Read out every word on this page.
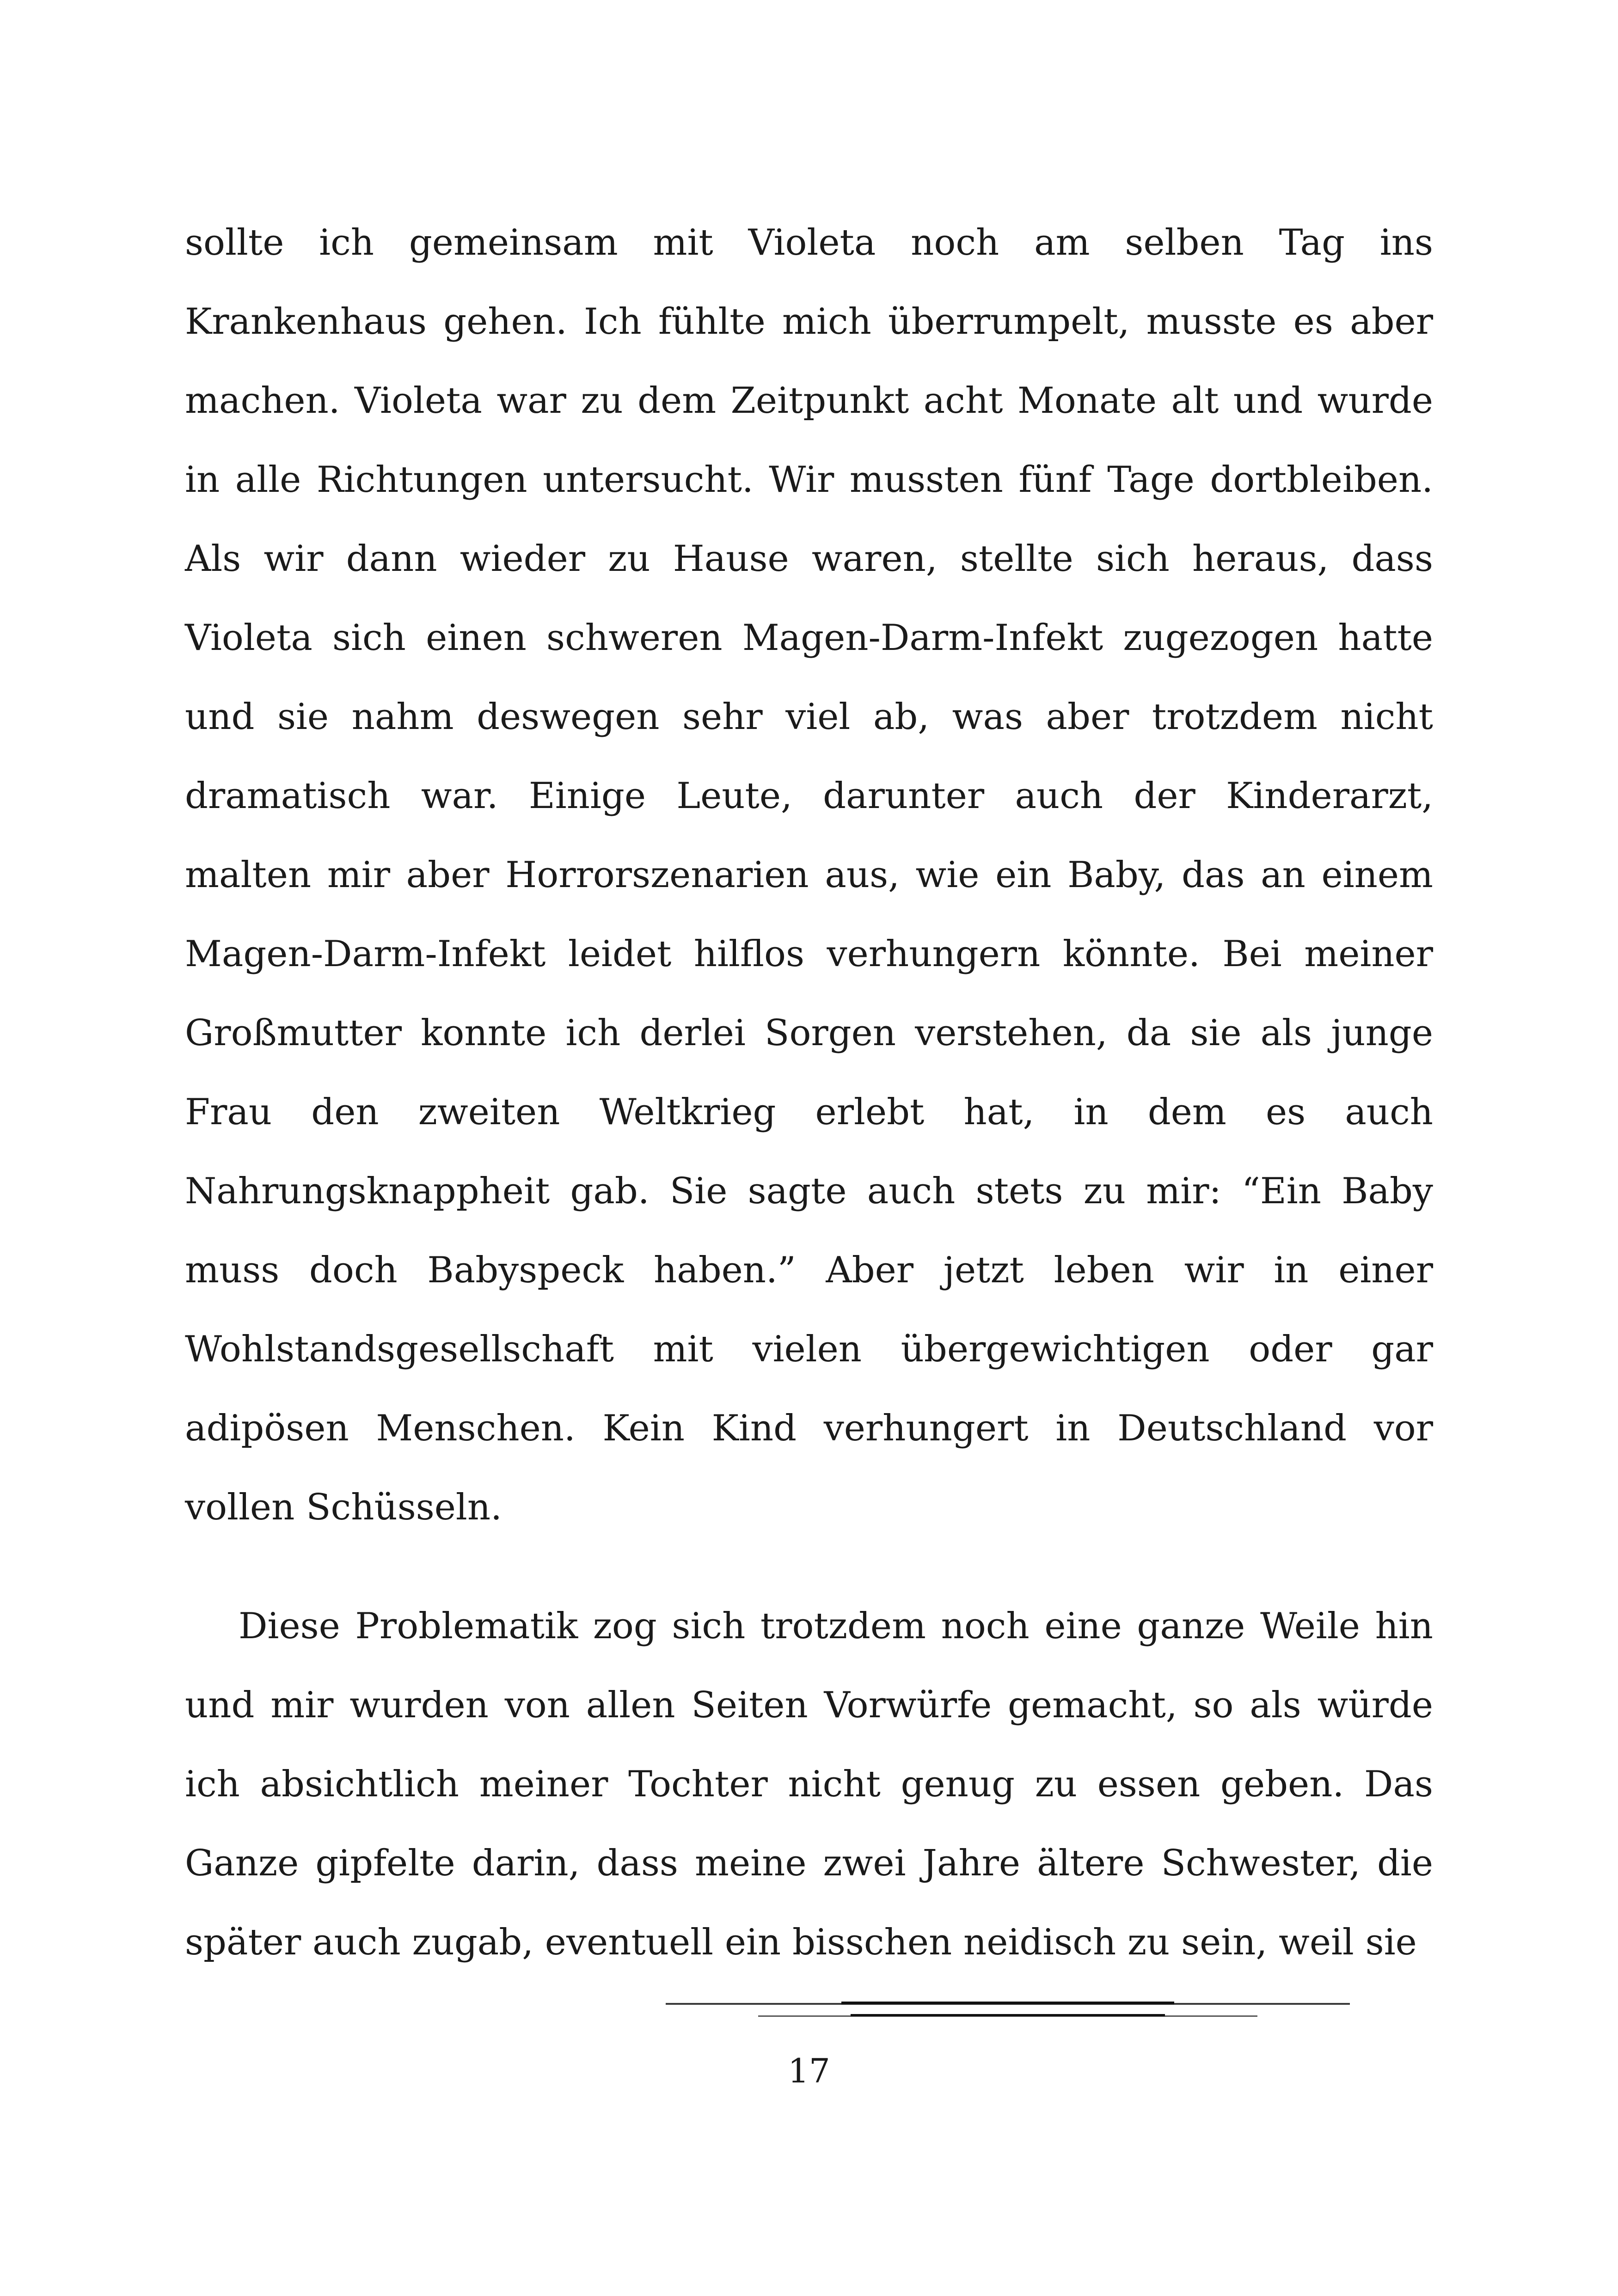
sollte ich gemeinsam mit Violeta noch am selben Tag ins Krankenhaus gehen. Ich fühlte mich überrumpelt, musste es aber machen. Violeta war zu dem Zeitpunkt acht Monate alt und wurde in alle Richtungen untersucht. Wir mussten fünf Tage dortbleiben. Als wir dann wieder zu Hause waren, stellte sich heraus, dass Violeta sich einen schweren Magen-Darm-Infekt zugezogen hatte und sie nahm deswegen sehr viel ab, was aber trotzdem nicht dramatisch war. Einige Leute, darunter auch der Kinderarzt, malten mir aber Horrorszenarien aus, wie ein Baby, das an einem Magen-Darm-Infekt leidet hilflos verhungern könnte. Bei meiner Großmutter konnte ich derlei Sorgen verstehen, da sie als junge Frau den zweiten Weltkrieg erlebt hat, in dem es auch Nahrungsknappheit gab. Sie sagte auch stets zu mir: “Ein Baby muss doch Babyspeck haben.” Aber jetzt leben wir in einer Wohlstandsgesellschaft mit vielen übergewichtigen oder gar adipösen Menschen. Kein Kind verhungert in Deutschland vor vollen Schüsseln.

Diese Problematik zog sich trotzdem noch eine ganze Weile hin und mir wurden von allen Seiten Vorwürfe gemacht, so als würde ich absichtlich meiner Tochter nicht genug zu essen geben. Das Ganze gipfelte darin, dass meine zwei Jahre ältere Schwester, die später auch zugab, eventuell ein bisschen neidisch zu sein, weil sie

17
